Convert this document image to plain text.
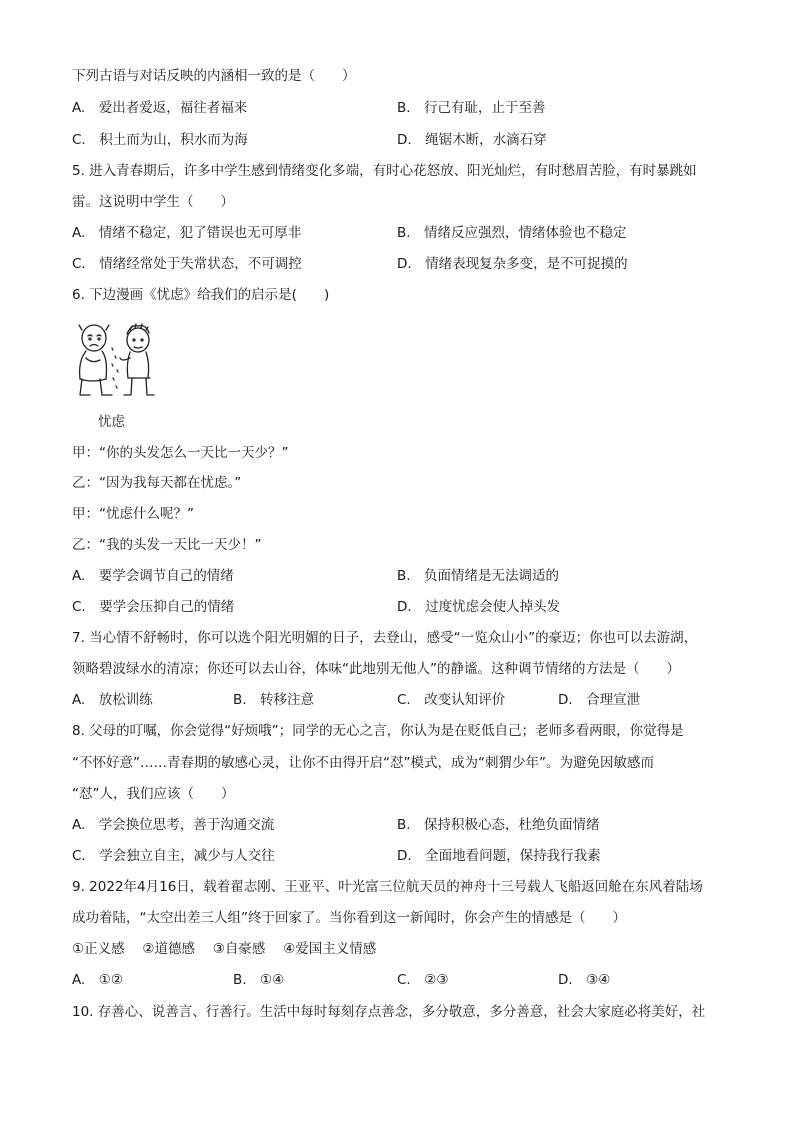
下列古语与对话反映的内涵相一致的是（　　）
A.　爱出者爱返，福往者福来	B.　行己有耻，止于至善
C.　积土而为山，积水而为海	D.　绳锯木断，水滴石穿
5. 进入青春期后，许多中学生感到情绪变化多端，有时心花怒放、阳光灿烂，有时愁眉苦脸，有时暴跳如
雷。这说明中学生（　　）
A.　情绪不稳定，犯了错误也无可厚非	B.　情绪反应强烈，情绪体验也不稳定
C.　情绪经常处于失常状态，不可调控	D.　情绪表现复杂多变，是不可捉摸的
6. 下边漫画《忧虑》给我们的启示是(　　)
忧虑
甲：“你的头发怎么一天比一天少？”
乙：“因为我每天都在忧虑。”
甲：“忧虑什么呢？”
乙：“我的头发一天比一天少！”
A.　要学会调节自己的情绪	B.　负面情绪是无法调适的
C.　要学会压抑自己的情绪	D.　过度忧虑会使人掉头发
7. 当心情不舒畅时，你可以选个阳光明媚的日子，去登山，感受“一览众山小”的豪迈；你也可以去游湖，
领略碧波绿水的清凉；你还可以去山谷，体味“此地别无他人”的静谧。这种调节情绪的方法是（　　）
A.　放松训练	B.　转移注意	C.　改变认知评价	D.　合理宣泄
8. 父母的叮嘱，你会觉得“好烦哦”；同学的无心之言，你认为是在贬低自己；老师多看两眼，你觉得是
“不怀好意”……青春期的敏感心灵，让你不由得开启“怼”模式，成为“刺猬少年”。为避免因敏感而
“怼”人，我们应该（　　）
A.　学会换位思考，善于沟通交流	B.　保持积极心态，杜绝负面情绪
C.　学会独立自主，减少与人交往	D.　全面地看问题，保持我行我素
9. 2022年4月16日，载着翟志刚、王亚平、叶光富三位航天员的神舟十三号载人飞船返回舱在东风着陆场
成功着陆，“太空出差三人组”终于回家了。当你看到这一新闻时，你会产生的情感是（　　）
①正义感　 ②道德感　 ③自豪感　 ④爱国主义情感
A.　①②	B.　①④	C.　②③	D.　③④
10. 存善心、说善言、行善行。生活中每时每刻存点善念，多分敬意，多分善意，社会大家庭必将美好，社
